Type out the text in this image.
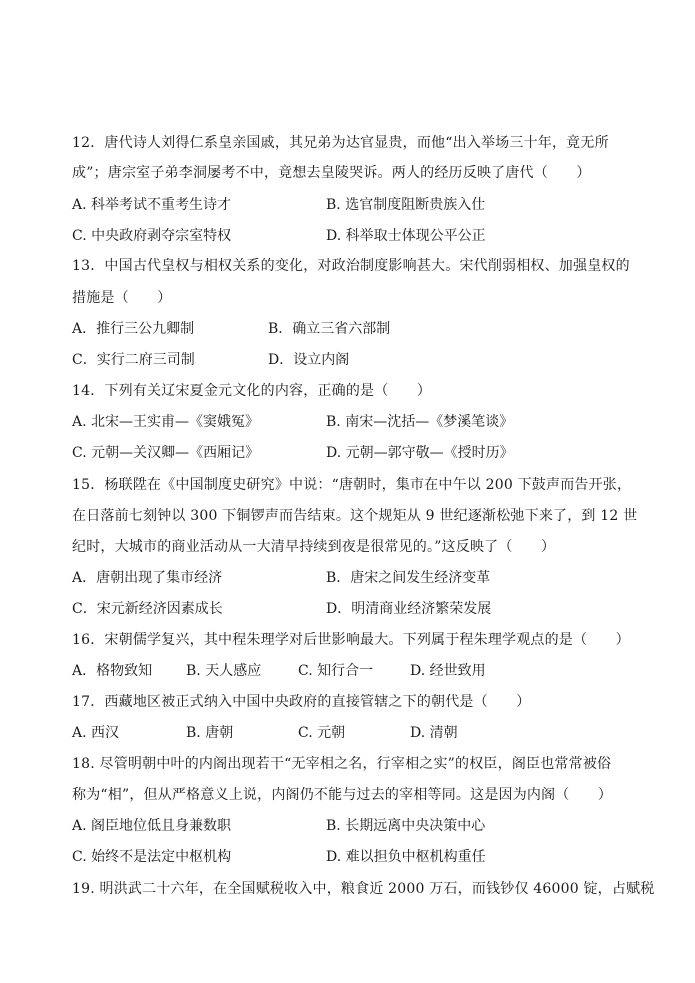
12．唐代诗人刘得仁系皇亲国戚，其兄弟为达官显贵，而他“出入举场三十年，竟无所
成”；唐宗室子弟李洞屡考不中，竟想去皇陵哭诉。两人的经历反映了唐代（　　）
A. 科举考试不重考生诗才	B. 选官制度阻断贵族入仕
C. 中央政府剥夺宗室特权	D. 科举取士体现公平公正
13．中国古代皇权与相权关系的变化，对政治制度影响甚大。宋代削弱相权、加强皇权的
措施是（　　）
A．推行三公九卿制	B．确立三省六部制
C．实行二府三司制	D．设立内阁
14．下列有关辽宋夏金元文化的内容，正确的是（　　）
A. 北宋—王实甫—《窦娥冤》	B. 南宋—沈括—《梦溪笔谈》
C. 元朝—关汉卿—《西厢记》	D. 元朝—郭守敬—《授时历》
15．杨联陞在《中国制度史研究》中说：“唐朝时，集市在中午以 200 下鼓声而告开张，
在日落前七刻钟以 300 下铜锣声而告结束。这个规矩从 9 世纪逐渐松弛下来了，到 12 世
纪时，大城市的商业活动从一大清早持续到夜是很常见的。”这反映了（　　）
A．唐朝出现了集市经济	B．唐宋之间发生经济变革
C．宋元新经济因素成长	D．明清商业经济繁荣发展
16．宋朝儒学复兴，其中程朱理学对后世影响最大。下列属于程朱理学观点的是（　　）
A．格物致知 B. 天人感应	C. 知行合一	D. 经世致用
17．西藏地区被正式纳入中国中央政府的直接管辖之下的朝代是（　　）
A. 西汉	B. 唐朝	C. 元朝	D. 清朝
18. 尽管明朝中叶的内阁出现若干“无宰相之名，行宰相之实”的权臣，阁臣也常常被俗
称为“相”，但从严格意义上说，内阁仍不能与过去的宰相等同。这是因为内阁（　　）
A. 阁臣地位低且身兼数职	B. 长期远离中央决策中心
C. 始终不是法定中枢机构	D. 难以担负中枢机构重任
19. 明洪武二十六年，在全国赋税收入中，粮食近 2000 万石，而钱钞仅 46000 锭，占赋税
